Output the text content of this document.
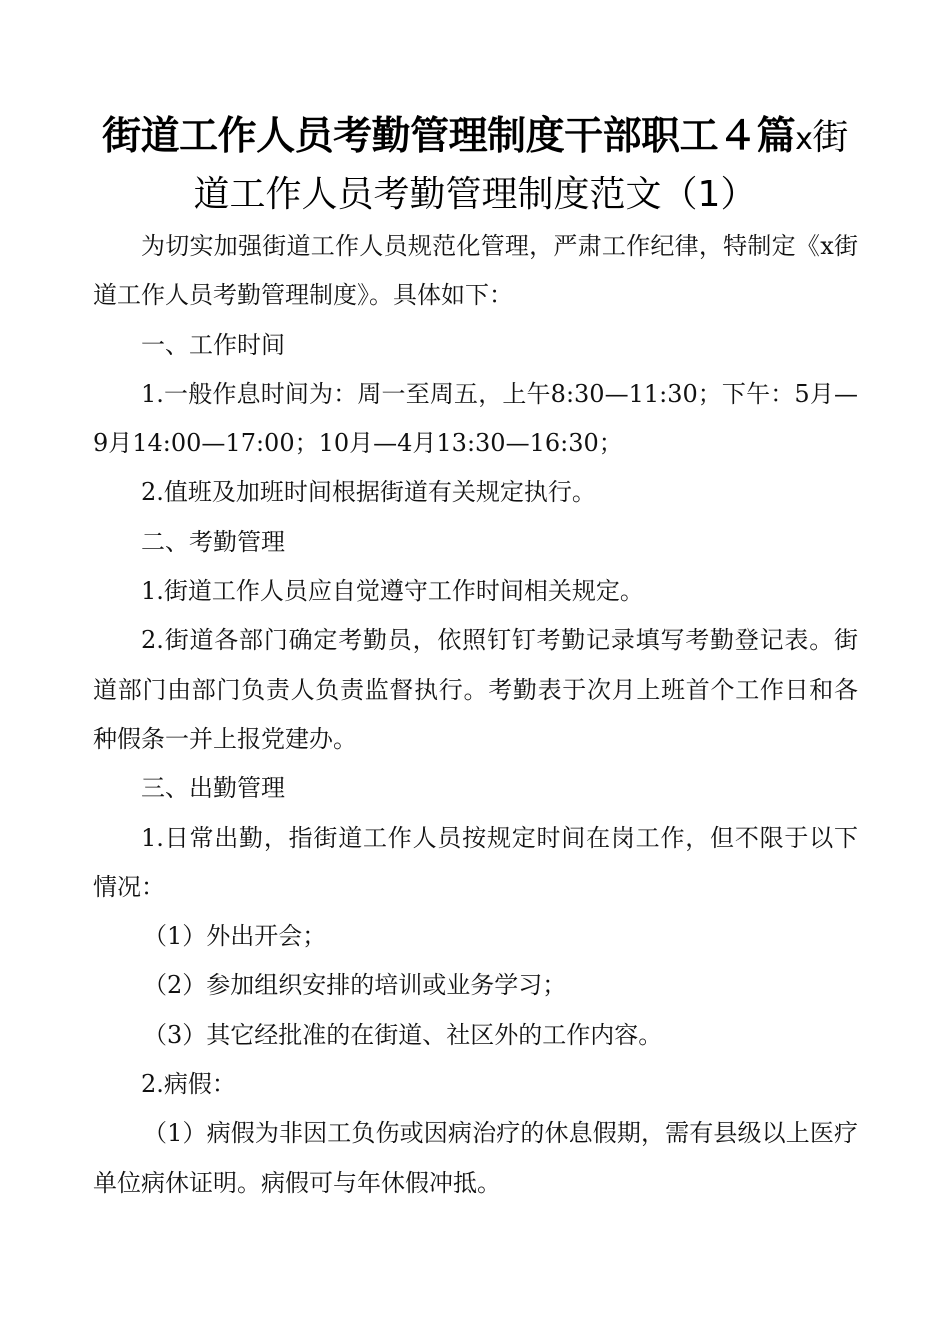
街道工作人员考勤管理制度干部职工４篇x街
道工作人员考勤管理制度范文（1）

为切实加强街道工作人员规范化管理，严肃工作纪律，特制定《x街道工作人员考勤管理制度》。具体如下：

一、工作时间

1.一般作息时间为：周一至周五，上午8:30—11:30；下午：5月—9月14:00—17:00；10月—4月13:30—16:30；

2.值班及加班时间根据街道有关规定执行。

二、考勤管理

1.街道工作人员应自觉遵守工作时间相关规定。

2.街道各部门确定考勤员，依照钉钉考勤记录填写考勤登记表。街道部门由部门负责人负责监督执行。考勤表于次月上班首个工作日和各种假条一并上报党建办。

三、出勤管理

1.日常出勤，指街道工作人员按规定时间在岗工作，但不限于以下情况：

（1）外出开会；

（2）参加组织安排的培训或业务学习；

（3）其它经批准的在街道、社区外的工作内容。

2.病假：

（1）病假为非因工负伤或因病治疗的休息假期，需有县级以上医疗单位病休证明。病假可与年休假冲抵。
